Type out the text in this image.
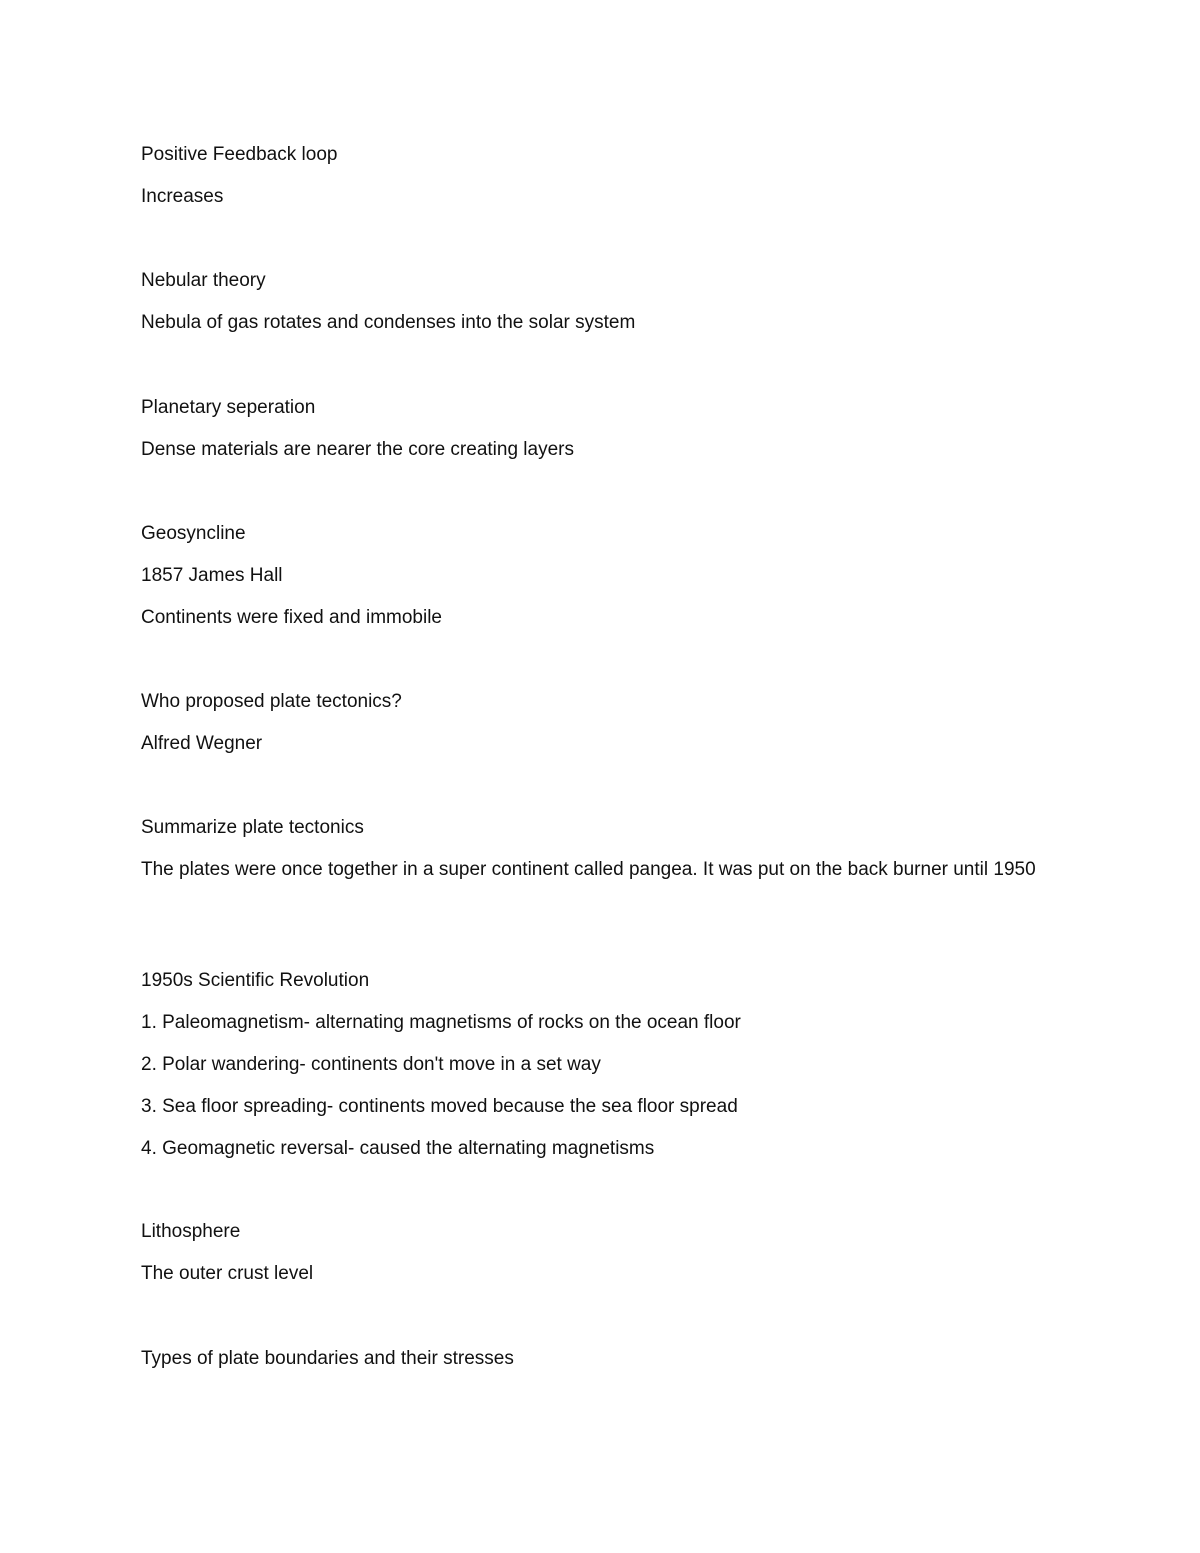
Positive Feedback loop

Increases

Nebular theory

Nebula of gas rotates and condenses into the solar system

Planetary seperation

Dense materials are nearer the core creating layers

Geosyncline

1857 James Hall

Continents were fixed and immobile

Who proposed plate tectonics?

Alfred Wegner

Summarize plate tectonics

The plates were once together in a super continent called pangea. It was put on the back burner until 1950

1950s Scientific Revolution

1. Paleomagnetism- alternating magnetisms of rocks on the ocean floor

2. Polar wandering- continents don't move in a set way

3. Sea floor spreading- continents moved because the sea floor spread

4. Geomagnetic reversal- caused the alternating magnetisms

Lithosphere

The outer crust level

Types of plate boundaries and their stresses
